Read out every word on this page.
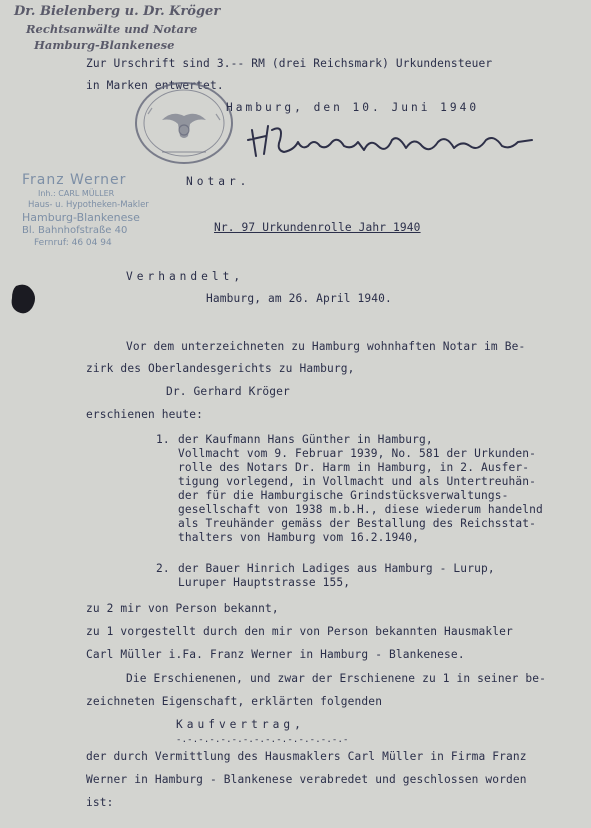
Dr. Bielenberg u. Dr. Kröger
Rechtsanwälte und Notare
Hamburg-Blankenese
Zur Urschrift sind 3.-- RM (drei Reichsmark) Urkundensteuer
in Marken entwertet.
Hamburg, den 10. Juni 1940
Franz Werner
Inh.: CARL MÜLLER
Haus- u. Hypotheken-Makler
Hamburg-Blankenese
Bl. Bahnhofstraße 40
Fernruf: 46 04 94
Notar.
Nr. 97 Urkundenrolle Jahr 1940
Verhandelt,
Hamburg, am 26. April 1940.
Vor dem unterzeichneten zu Hamburg wohnhaften Notar im Be-
zirk des Oberlandesgerichts zu Hamburg,
Dr. Gerhard Kröger
erschienen heute:
1. der Kaufmann Hans Günther in Hamburg,
Vollmacht vom 9. Februar 1939, No. 581 der Urkunden-
rolle des Notars Dr. Harm in Hamburg, in 2. Ausfer-
tigung vorlegend, in Vollmacht und als Untertreuhän-
der für die Hamburgische Grindstücksverwaltungs-
gesellschaft von 1938 m.b.H., diese wiederum handelnd
als Treuhänder gemäss der Bestallung des Reichsstat-
thalters von Hamburg vom 16.2.1940,
2. der Bauer Hinrich Ladiges aus Hamburg - Lurup,
Luruper Hauptstrasse 155,
zu 2 mir von Person bekannt,
zu 1 vorgestellt durch den mir von Person bekannten Hausmakler
Carl Müller i.Fa. Franz Werner in Hamburg - Blankenese.
Die Erschienenen, und zwar der Erschienene zu 1 in seiner be-
zeichneten Eigenschaft, erklärten folgenden
Kaufvertrag,
-.-.-.-.-.-.-.-.-.-.-.-.-.-.-.-
der durch Vermittlung des Hausmaklers Carl Müller in Firma Franz
Werner in Hamburg - Blankenese verabredet und geschlossen worden
ist:
